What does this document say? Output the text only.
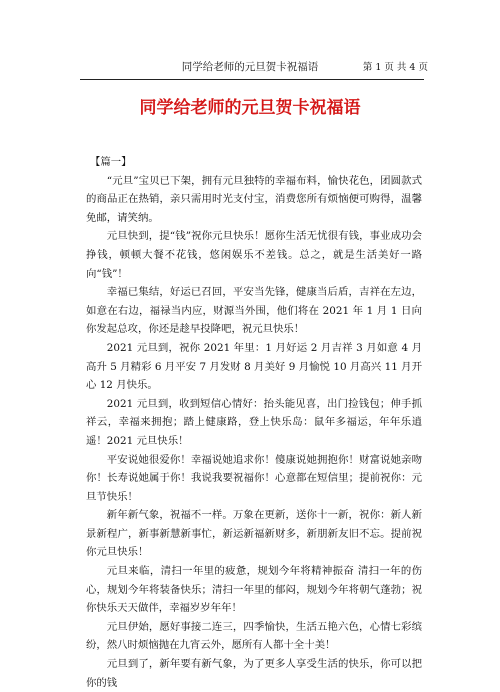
同学给老师的元旦贺卡祝福语	第 1 页 共 4 页
同学给老师的元旦贺卡祝福语
【篇一】

“元旦”宝贝已下架，拥有元旦独特的幸福布料，愉快花色，团圆款式的商品正在热销，亲只需用时光支付宝，消费您所有烦恼便可购得，温馨免邮，请笑纳。

元旦快到，提“钱”祝你元旦快乐！愿你生活无忧很有钱，事业成功会挣钱，顿顿大餐不花钱，悠闲娱乐不差钱。总之，就是生活美好一路向“钱”！

幸福已集结，好运已召回，平安当先锋，健康当后盾，吉祥在左边，如意在右边，福禄当内应，财源当外围，他们将在 2021 年 1 月 1 日向你发起总攻，你还是趁早投降吧，祝元旦快乐！

2021 元旦到，祝你 2021 年里：1 月好运 2 月吉祥 3 月如意 4 月高升 5 月精彩 6 月平安 7 月发财 8 月美好 9 月愉悦 10 月高兴 11 月开心 12 月快乐。

2021 元旦到，收到短信心情好：抬头能见喜，出门捡钱包；伸手抓祥云，幸福来拥抱；踏上健康路，登上快乐岛：鼠年多福运，年年乐逍遥！2021 元旦快乐！

平安说她很爱你！幸福说她追求你！傻康说她拥抱你！财富说她亲吻你！长寿说她属于你！我说我要祝福你！心意都在短信里；提前祝你：元旦节快乐！

新年新气象，祝福不一样。万象在更新，送你十一新，祝你：新人新景新程广，新事新慧新事忙，新运新福新财多，新朋新友旧不忘。提前祝你元旦快乐！

元旦来临，清扫一年里的疲惫，规划今年将精神振奋 清扫一年的伤心，规划今年将装备快乐；清扫一年里的郁闷，规划今年将朝气蓬勃；祝你快乐天天做伴，幸福岁岁年年！

元旦伊始，愿好事接二连三，四季愉快，生活五艳六色，心情七彩缤纷，然八时烦恼抛在九宵云外，愿所有人都十全十美！

元旦到了，新年要有新气象，为了更多人享受生活的快乐，你可以把你的钱
